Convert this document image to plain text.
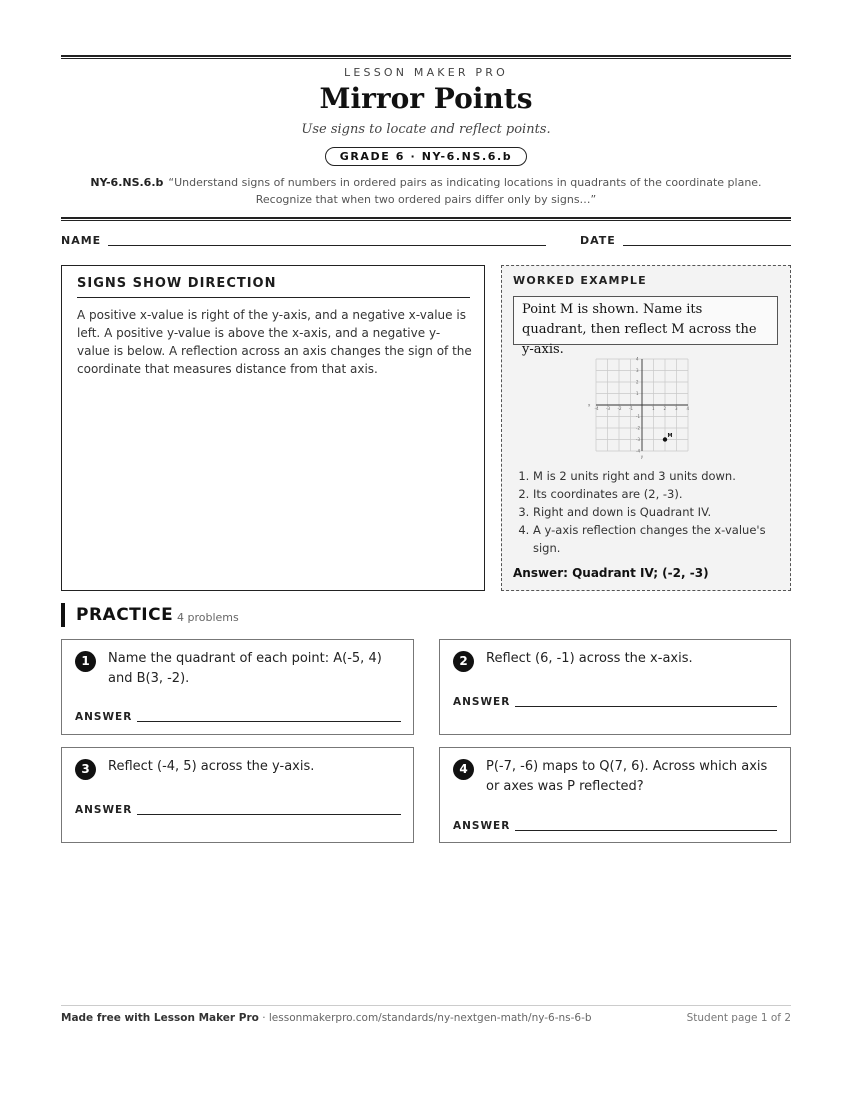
LESSON MAKER PRO
Mirror Points
Use signs to locate and reflect points.
GRADE 6 · NY-6.NS.6.b
NY-6.NS.6.b “Understand signs of numbers in ordered pairs as indicating locations in quadrants of the coordinate plane. Recognize that when two ordered pairs differ only by signs…”
NAME	DATE
SIGNS SHOW DIRECTION
A positive x-value is right of the y-axis, and a negative x-value is left. A positive y-value is above the x-axis, and a negative y-value is below. A reflection across an axis changes the sign of the coordinate that measures distance from that axis.
WORKED EXAMPLE
Point M is shown. Name its quadrant, then reflect M across the y-axis.
x
y
-4 -3 -2 -1	1 2 3 4
4
3
2
1
-1
-2
-3
-4
M
1. M is 2 units right and 3 units down.
2. Its coordinates are (2, -3).
3. Right and down is Quadrant IV.
4. A y-axis reflection changes the x-value's sign.
Answer: Quadrant IV; (-2, -3)
PRACTICE 4 problems
1	Name the quadrant of each point: A(-5, 4) and B(3, -2).
ANSWER
2	Reflect (6, -1) across the x-axis.
ANSWER
3	Reflect (-4, 5) across the y-axis.
ANSWER
4	P(-7, -6) maps to Q(7, 6). Across which axis or axes was P reflected?
ANSWER
Made free with Lesson Maker Pro · lessonmakerpro.com/standards/ny-nextgen-math/ny-6-ns-6-b	Student page 1 of 2
